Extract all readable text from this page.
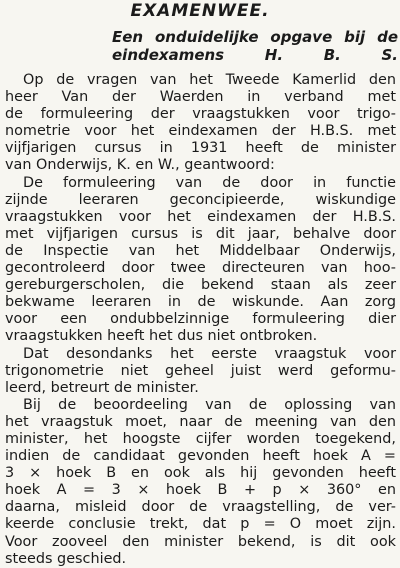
EXAMENWEE.
Een onduidelijke opgave bij de
eindexamens H. B. S.
Op de vragen van het Tweede Kamerlid den
heer Van der Waerden in verband met
de formuleering der vraagstukken voor trigo-
nometrie voor het eindexamen der H.B.S. met
vijfjarigen cursus in 1931 heeft de minister
van Onderwijs, K. en W., geantwoord:
De formuleering van de door in functie
zijnde leeraren geconcipieerde, wiskundige
vraagstukken voor het eindexamen der H.B.S.
met vijfjarigen cursus is dit jaar, behalve door
de Inspectie van het Middelbaar Onderwijs,
gecontroleerd door twee directeuren van hoo-
gereburgerscholen, die bekend staan als zeer
bekwame leeraren in de wiskunde. Aan zorg
voor een ondubbelzinnige formuleering dier
vraagstukken heeft het dus niet ontbroken.
Dat desondanks het eerste vraagstuk voor
trigonometrie niet geheel juist werd geformu-
leerd, betreurt de minister.
Bij de beoordeeling van de oplossing van
het vraagstuk moet, naar de meening van den
minister, het hoogste cijfer worden toegekend,
indien de candidaat gevonden heeft hoek A =
3 × hoek B en ook als hij gevonden heeft
hoek A = 3 × hoek B + p × 360° en
daarna, misleid door de vraagstelling, de ver-
keerde conclusie trekt, dat p = O moet zijn.
Voor zooveel den minister bekend, is dit ook
steeds geschied.
